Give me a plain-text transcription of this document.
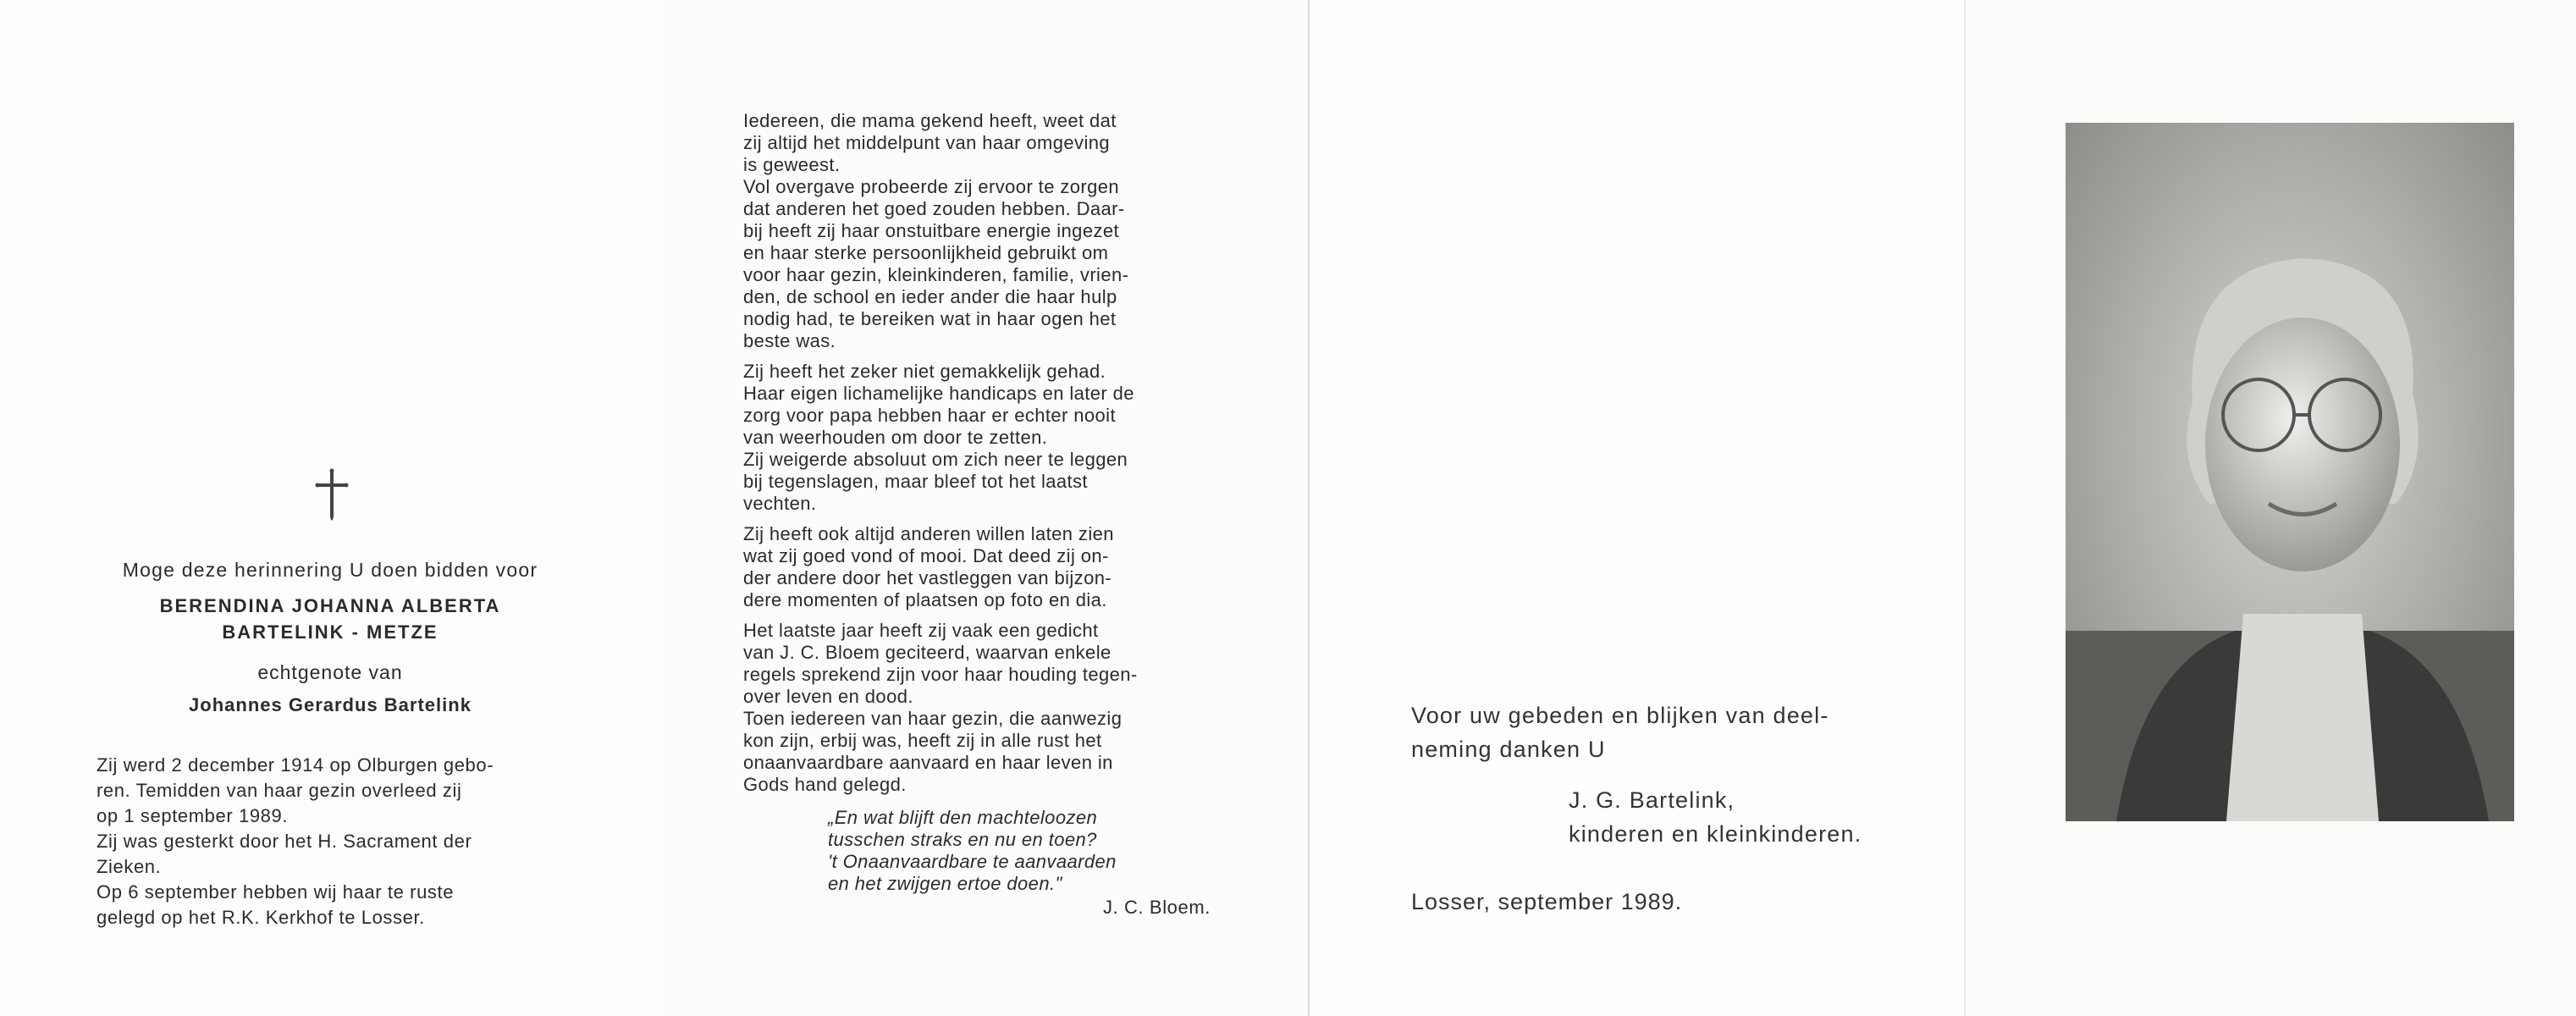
Moge deze herinnering U doen bidden voor
BERENDINA JOHANNA ALBERTA
BARTELINK - METZE
echtgenote van
Johannes Gerardus Bartelink

Zij werd 2 december 1914 op Olburgen gebo-

ren. Temidden van haar gezin overleed zij

op 1 september 1989.

Zij was gesterkt door het H. Sacrament der

Zieken.

Op 6 september hebben wij haar te ruste

gelegd op het R.K. Kerkhof te Losser.

Iedereen, die mama gekend heeft, weet dat

zij altijd het middelpunt van haar omgeving

is geweest.

Vol overgave probeerde zij ervoor te zorgen

dat anderen het goed zouden hebben. Daar-

bij heeft zij haar onstuitbare energie ingezet

en haar sterke persoonlijkheid gebruikt om

voor haar gezin, kleinkinderen, familie, vrien-

den, de school en ieder ander die haar hulp

nodig had, te bereiken wat in haar ogen het

beste was.

Zij heeft het zeker niet gemakkelijk gehad.

Haar eigen lichamelijke handicaps en later de

zorg voor papa hebben haar er echter nooit

van weerhouden om door te zetten.

Zij weigerde absoluut om zich neer te leggen

bij tegenslagen, maar bleef tot het laatst

vechten.

Zij heeft ook altijd anderen willen laten zien

wat zij goed vond of mooi. Dat deed zij on-

der andere door het vastleggen van bijzon-

dere momenten of plaatsen op foto en dia.

Het laatste jaar heeft zij vaak een gedicht

van J. C. Bloem geciteerd, waarvan enkele

regels sprekend zijn voor haar houding tegen-

over leven en dood.

Toen iedereen van haar gezin, die aanwezig

kon zijn, erbij was, heeft zij in alle rust het

onaanvaardbare aanvaard en haar leven in

Gods hand gelegd.

„En wat blijft den machteloozen
tusschen straks en nu en toen?
't Onaanvaardbare te aanvaarden
en het zwijgen ertoe doen."
J. C. Bloem.
Voor uw gebeden en blijken van deel-
neming danken U
J. G. Bartelink,
kinderen en kleinkinderen.
Losser, september 1989.
